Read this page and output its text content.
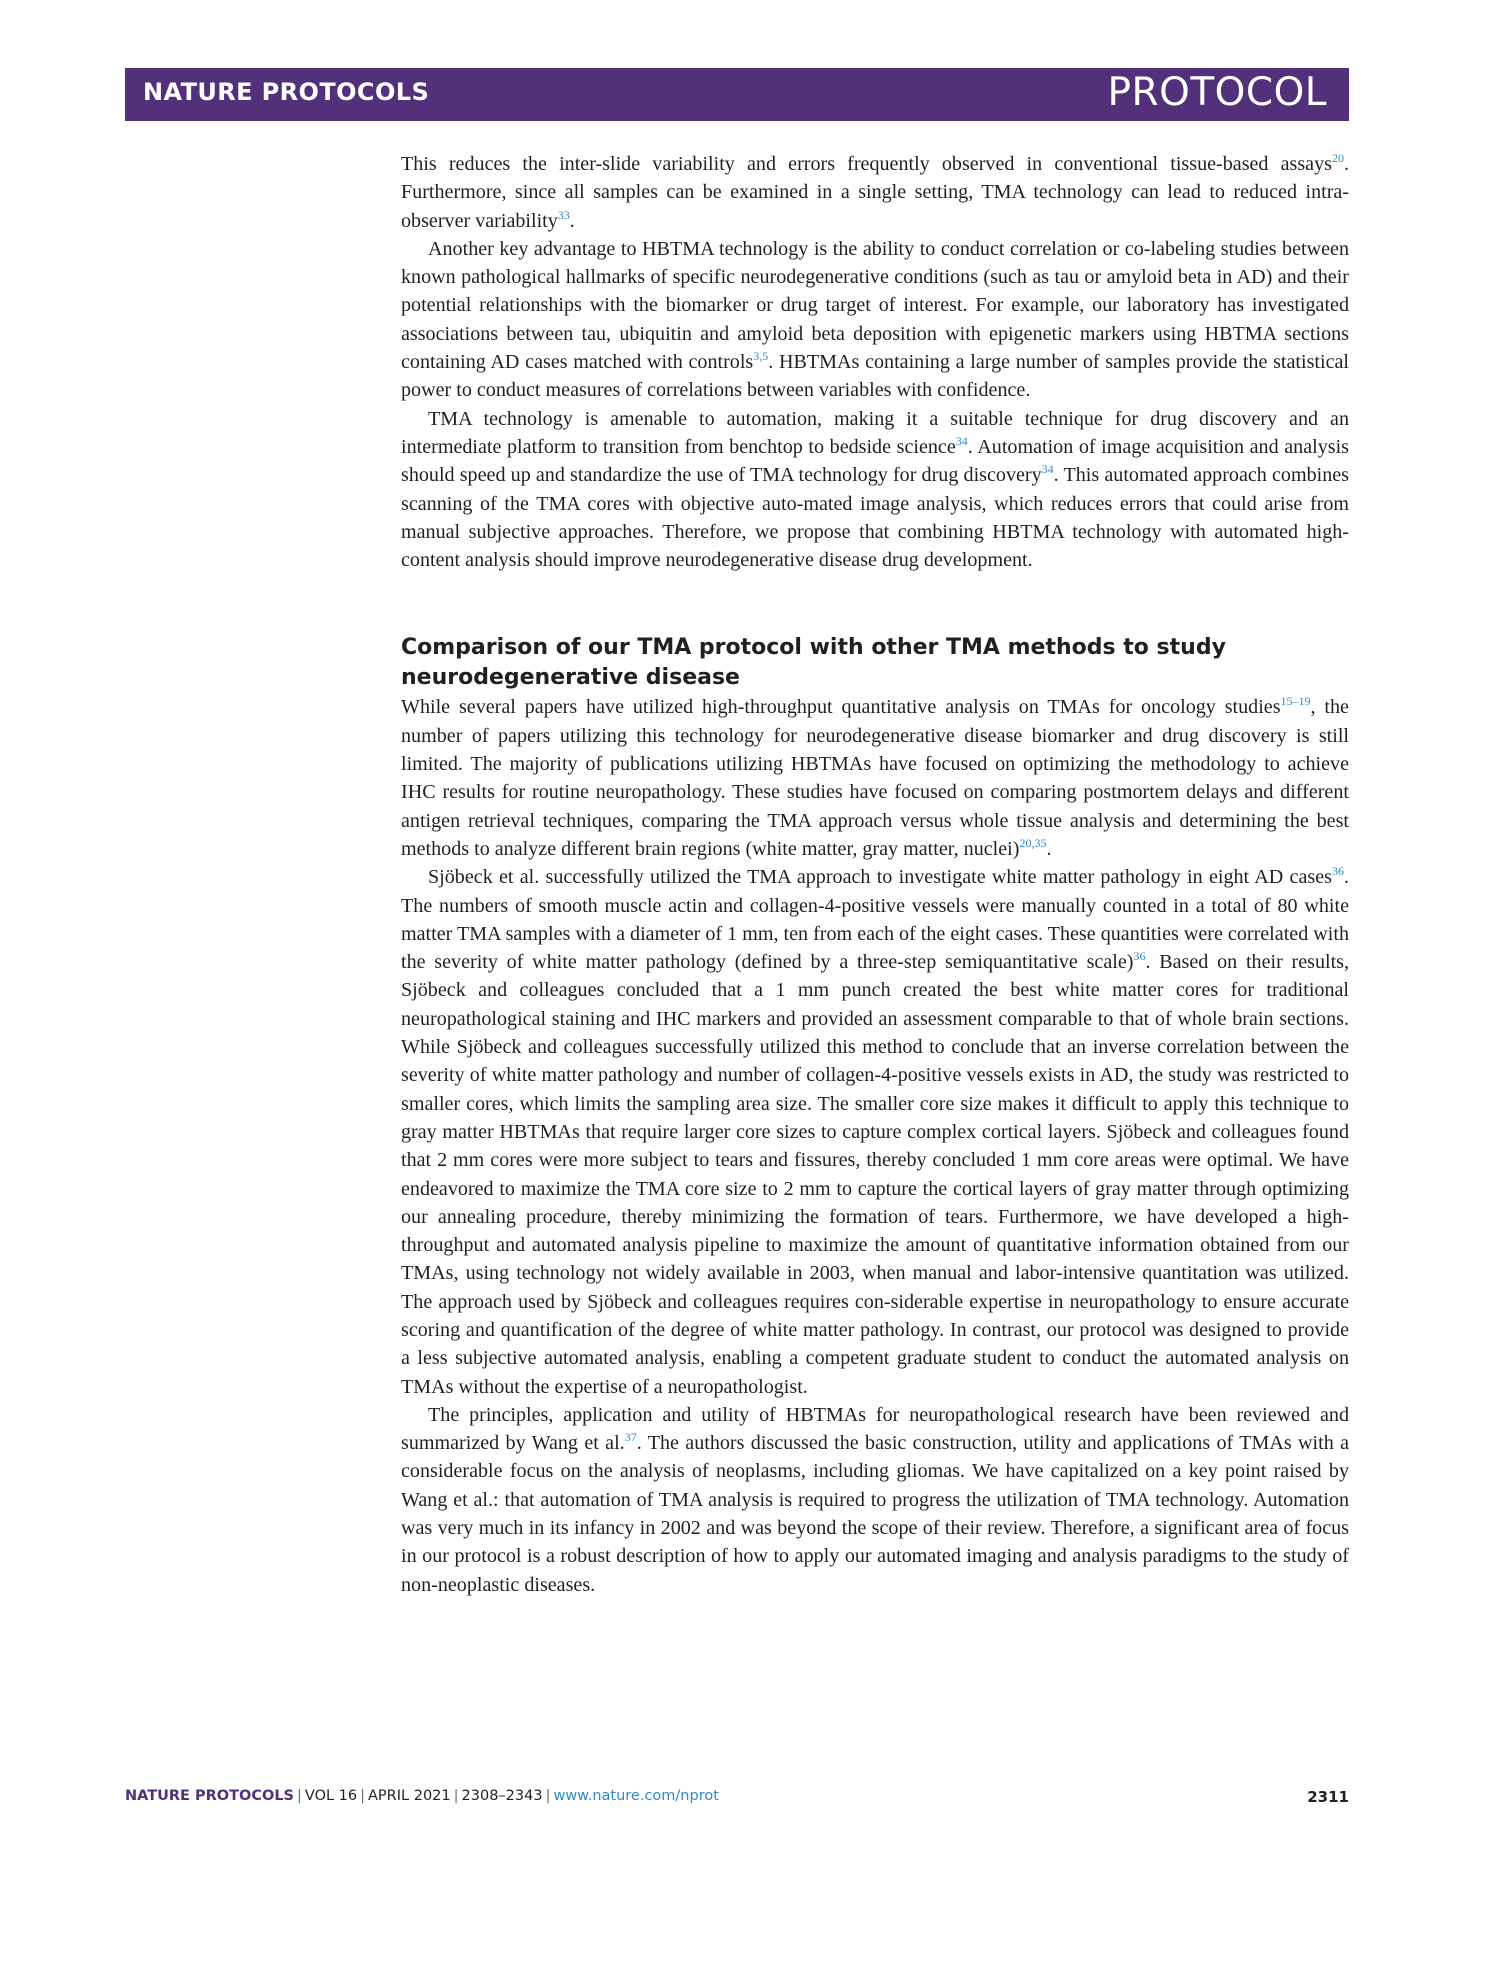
NATURE PROTOCOLS	PROTOCOL

This reduces the inter-slide variability and errors frequently observed in conventional tissue-based assays$^{20}$. Furthermore, since all samples can be examined in a single setting, TMA technology can lead to reduced intra-observer variability$^{33}$.

Another key advantage to HBTMA technology is the ability to conduct correlation or co-labeling studies between known pathological hallmarks of specific neurodegenerative conditions (such as tau or amyloid beta in AD) and their potential relationships with the biomarker or drug target of interest. For example, our laboratory has investigated associations between tau, ubiquitin and amyloid beta deposition with epigenetic markers using HBTMA sections containing AD cases matched with controls$^{3,5}$. HBTMAs containing a large number of samples provide the statistical power to conduct measures of correlations between variables with confidence.

TMA technology is amenable to automation, making it a suitable technique for drug discovery and an intermediate platform to transition from benchtop to bedside science$^{34}$. Automation of image acquisition and analysis should speed up and standardize the use of TMA technology for drug discovery$^{34}$. This automated approach combines scanning of the TMA cores with objective auto-mated image analysis, which reduces errors that could arise from manual subjective approaches. Therefore, we propose that combining HBTMA technology with automated high-content analysis should improve neurodegenerative disease drug development.

Comparison of our TMA protocol with other TMA methods to study neurodegenerative disease

While several papers have utilized high-throughput quantitative analysis on TMAs for oncology studies$^{15-19}$, the number of papers utilizing this technology for neurodegenerative disease biomarker and drug discovery is still limited. The majority of publications utilizing HBTMAs have focused on optimizing the methodology to achieve IHC results for routine neuropathology. These studies have focused on comparing postmortem delays and different antigen retrieval techniques, comparing the TMA approach versus whole tissue analysis and determining the best methods to analyze different brain regions (white matter, gray matter, nuclei)$^{20,35}$.

Sjöbeck et al. successfully utilized the TMA approach to investigate white matter pathology in eight AD cases$^{36}$. The numbers of smooth muscle actin and collagen-4-positive vessels were manually counted in a total of 80 white matter TMA samples with a diameter of 1 mm, ten from each of the eight cases. These quantities were correlated with the severity of white matter pathology (defined by a three-step semiquantitative scale)$^{36}$. Based on their results, Sjöbeck and colleagues concluded that a 1 mm punch created the best white matter cores for traditional neuropathological staining and IHC markers and provided an assessment comparable to that of whole brain sections. While Sjöbeck and colleagues successfully utilized this method to conclude that an inverse correlation between the severity of white matter pathology and number of collagen-4-positive vessels exists in AD, the study was restricted to smaller cores, which limits the sampling area size. The smaller core size makes it difficult to apply this technique to gray matter HBTMAs that require larger core sizes to capture complex cortical layers. Sjöbeck and colleagues found that 2 mm cores were more subject to tears and fissures, thereby concluded 1 mm core areas were optimal. We have endeavored to maximize the TMA core size to 2 mm to capture the cortical layers of gray matter through optimizing our annealing procedure, thereby minimizing the formation of tears. Furthermore, we have developed a high-throughput and automated analysis pipeline to maximize the amount of quantitative information obtained from our TMAs, using technology not widely available in 2003, when manual and labor-intensive quantitation was utilized. The approach used by Sjöbeck and colleagues requires con-siderable expertise in neuropathology to ensure accurate scoring and quantification of the degree of white matter pathology. In contrast, our protocol was designed to provide a less subjective automated analysis, enabling a competent graduate student to conduct the automated analysis on TMAs without the expertise of a neuropathologist.

The principles, application and utility of HBTMAs for neuropathological research have been reviewed and summarized by Wang et al.$^{37}$. The authors discussed the basic construction, utility and applications of TMAs with a considerable focus on the analysis of neoplasms, including gliomas. We have capitalized on a key point raised by Wang et al.: that automation of TMA analysis is required to progress the utilization of TMA technology. Automation was very much in its infancy in 2002 and was beyond the scope of their review. Therefore, a significant area of focus in our protocol is a robust description of how to apply our automated imaging and analysis paradigms to the study of non-neoplastic diseases.

NATURE PROTOCOLS | VOL 16 | APRIL 2021 | 2308–2343 | www.nature.com/nprot	2311
